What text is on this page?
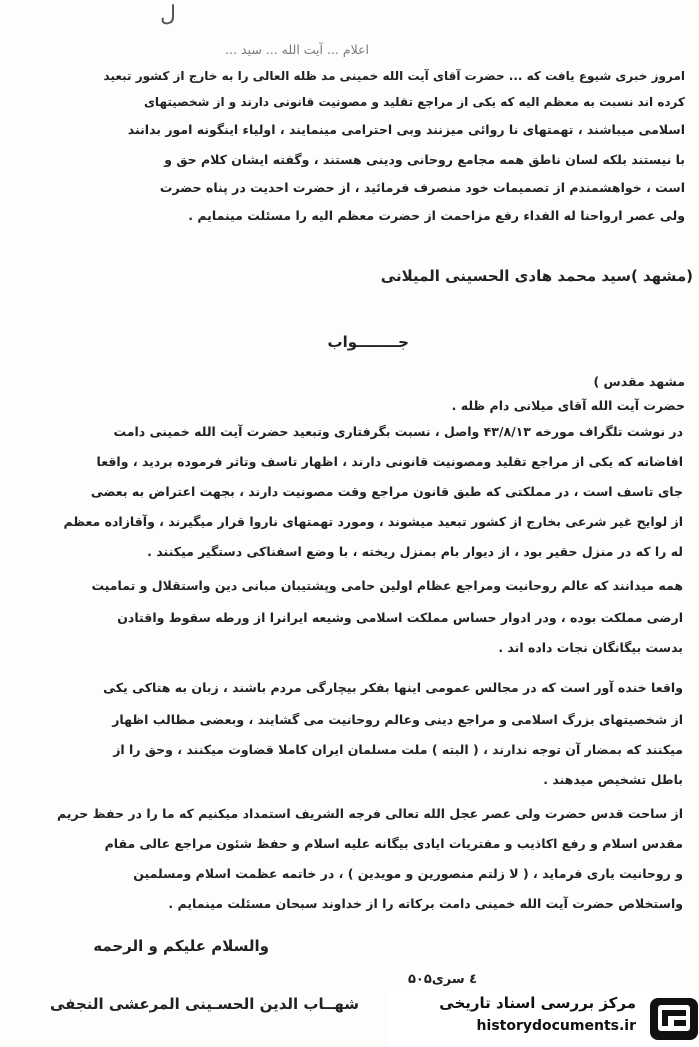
ل
اعلام ... آیت الله ... سید ...
امروز خبری شیوع یافت که ... حضرت آقای آیت الله خمینی مد ظله العالی را به خارج از کشور تبعید
کرده اند نسبت به معظم الیه که یکی از مراجع تقلید و مصونیت قانونی دارند و از شخصیتهای
اسلامی میباشند ، تهمتهای نا روائی میزنند وبی احترامی مینمایند ، اولیاء اینگونه امور بدانند
با نیستند بلکه لسان ناطق همه مجامع روحانی ودینی هستند ، وگفته ایشان کلام حق و
است ، خواهشمندم از تصمیمات خود منصرف فرمائید ، از حضرت احدیت در پناه حضرت
ولی عصر ارواحنا له الفداء رفع مزاحمت از حضرت معظم الیه را مسئلت مینمایم .
(مشهد )سید محمد هادی الحسینی المیلانی
جــــــــواب
مشهد مقدس )
حضرت آیت الله آقای میلانی دام ظله .
در نوشت تلگراف مورخه ۴۳/۸/۱۳ واصل ، نسبت بگرفتاری وتبعید حضرت آیت الله خمینی دامت
افاضاته که یکی از مراجع تقلید ومصونیت قانونی دارند ، اظهار تاسف وتاثر فرموده بردید ، واقعا
جای تاسف است ، در مملکتی که طبق قانون مراجع وقت مصونیت دارند ، بجهت اعتراض به بعضی
از لوایح غیر شرعی بخارج از کشور تبعید میشوند ، ومورد تهمتهای ناروا قرار میگیرند ، وآقازاده معظم
له را که در منزل حقیر بود ، از دیوار بام بمنزل ریخته ، با وضع اسفناکی دستگیر میکنند .
همه میدانند که عالم روحانیت ومراجع عظام اولین حامی وپشتیبان مبانی دین واستقلال و تمامیت
ارضی مملکت بوده ، ودر ادوار حساس مملکت اسلامی وشیعه ایرانرا از ورطه سقوط واقتادن
بدست بیگانگان نجات داده اند .
واقعا خنده آور است که در مجالس عمومی اینها بفکر بیچارگی مردم باشند ، زبان به هتاکی یکی
از شخصیتهای بزرگ اسلامی و مراجع دینی وعالم روحانیت می گشایند ، وبعضی مطالب اظهار
میکنند که بمضار آن توجه ندارند ، ( البته ) ملت مسلمان ایران کاملا قضاوت میکنند ، وحق را از
باطل تشخیص میدهند .
از ساحت قدس حضرت ولی عصر عجل الله تعالی فرجه الشریف استمداد میکنیم که ما را در حفظ حریم
مقدس اسلام و رفع اکاذیب و مفتریات ایادی بیگانه علیه اسلام و حفظ شئون مراجع عالی مقام
و روحانیت یاری فرماید ، ( لا زلتم منصورین و مویدین ) ، در خاتمه عظمت اسلام ومسلمین
واستخلاص حضرت آیت الله خمینی دامت برکاته را از خداوند سبحان مسئلت مینمایم .
والسلام علیکم و الرحمه
۵۰۵٤ سری
شهــاب الدین الحسـینی المرعشی النجفی	مرکز بررسی اسناد تاریخی
historydocuments.ir
